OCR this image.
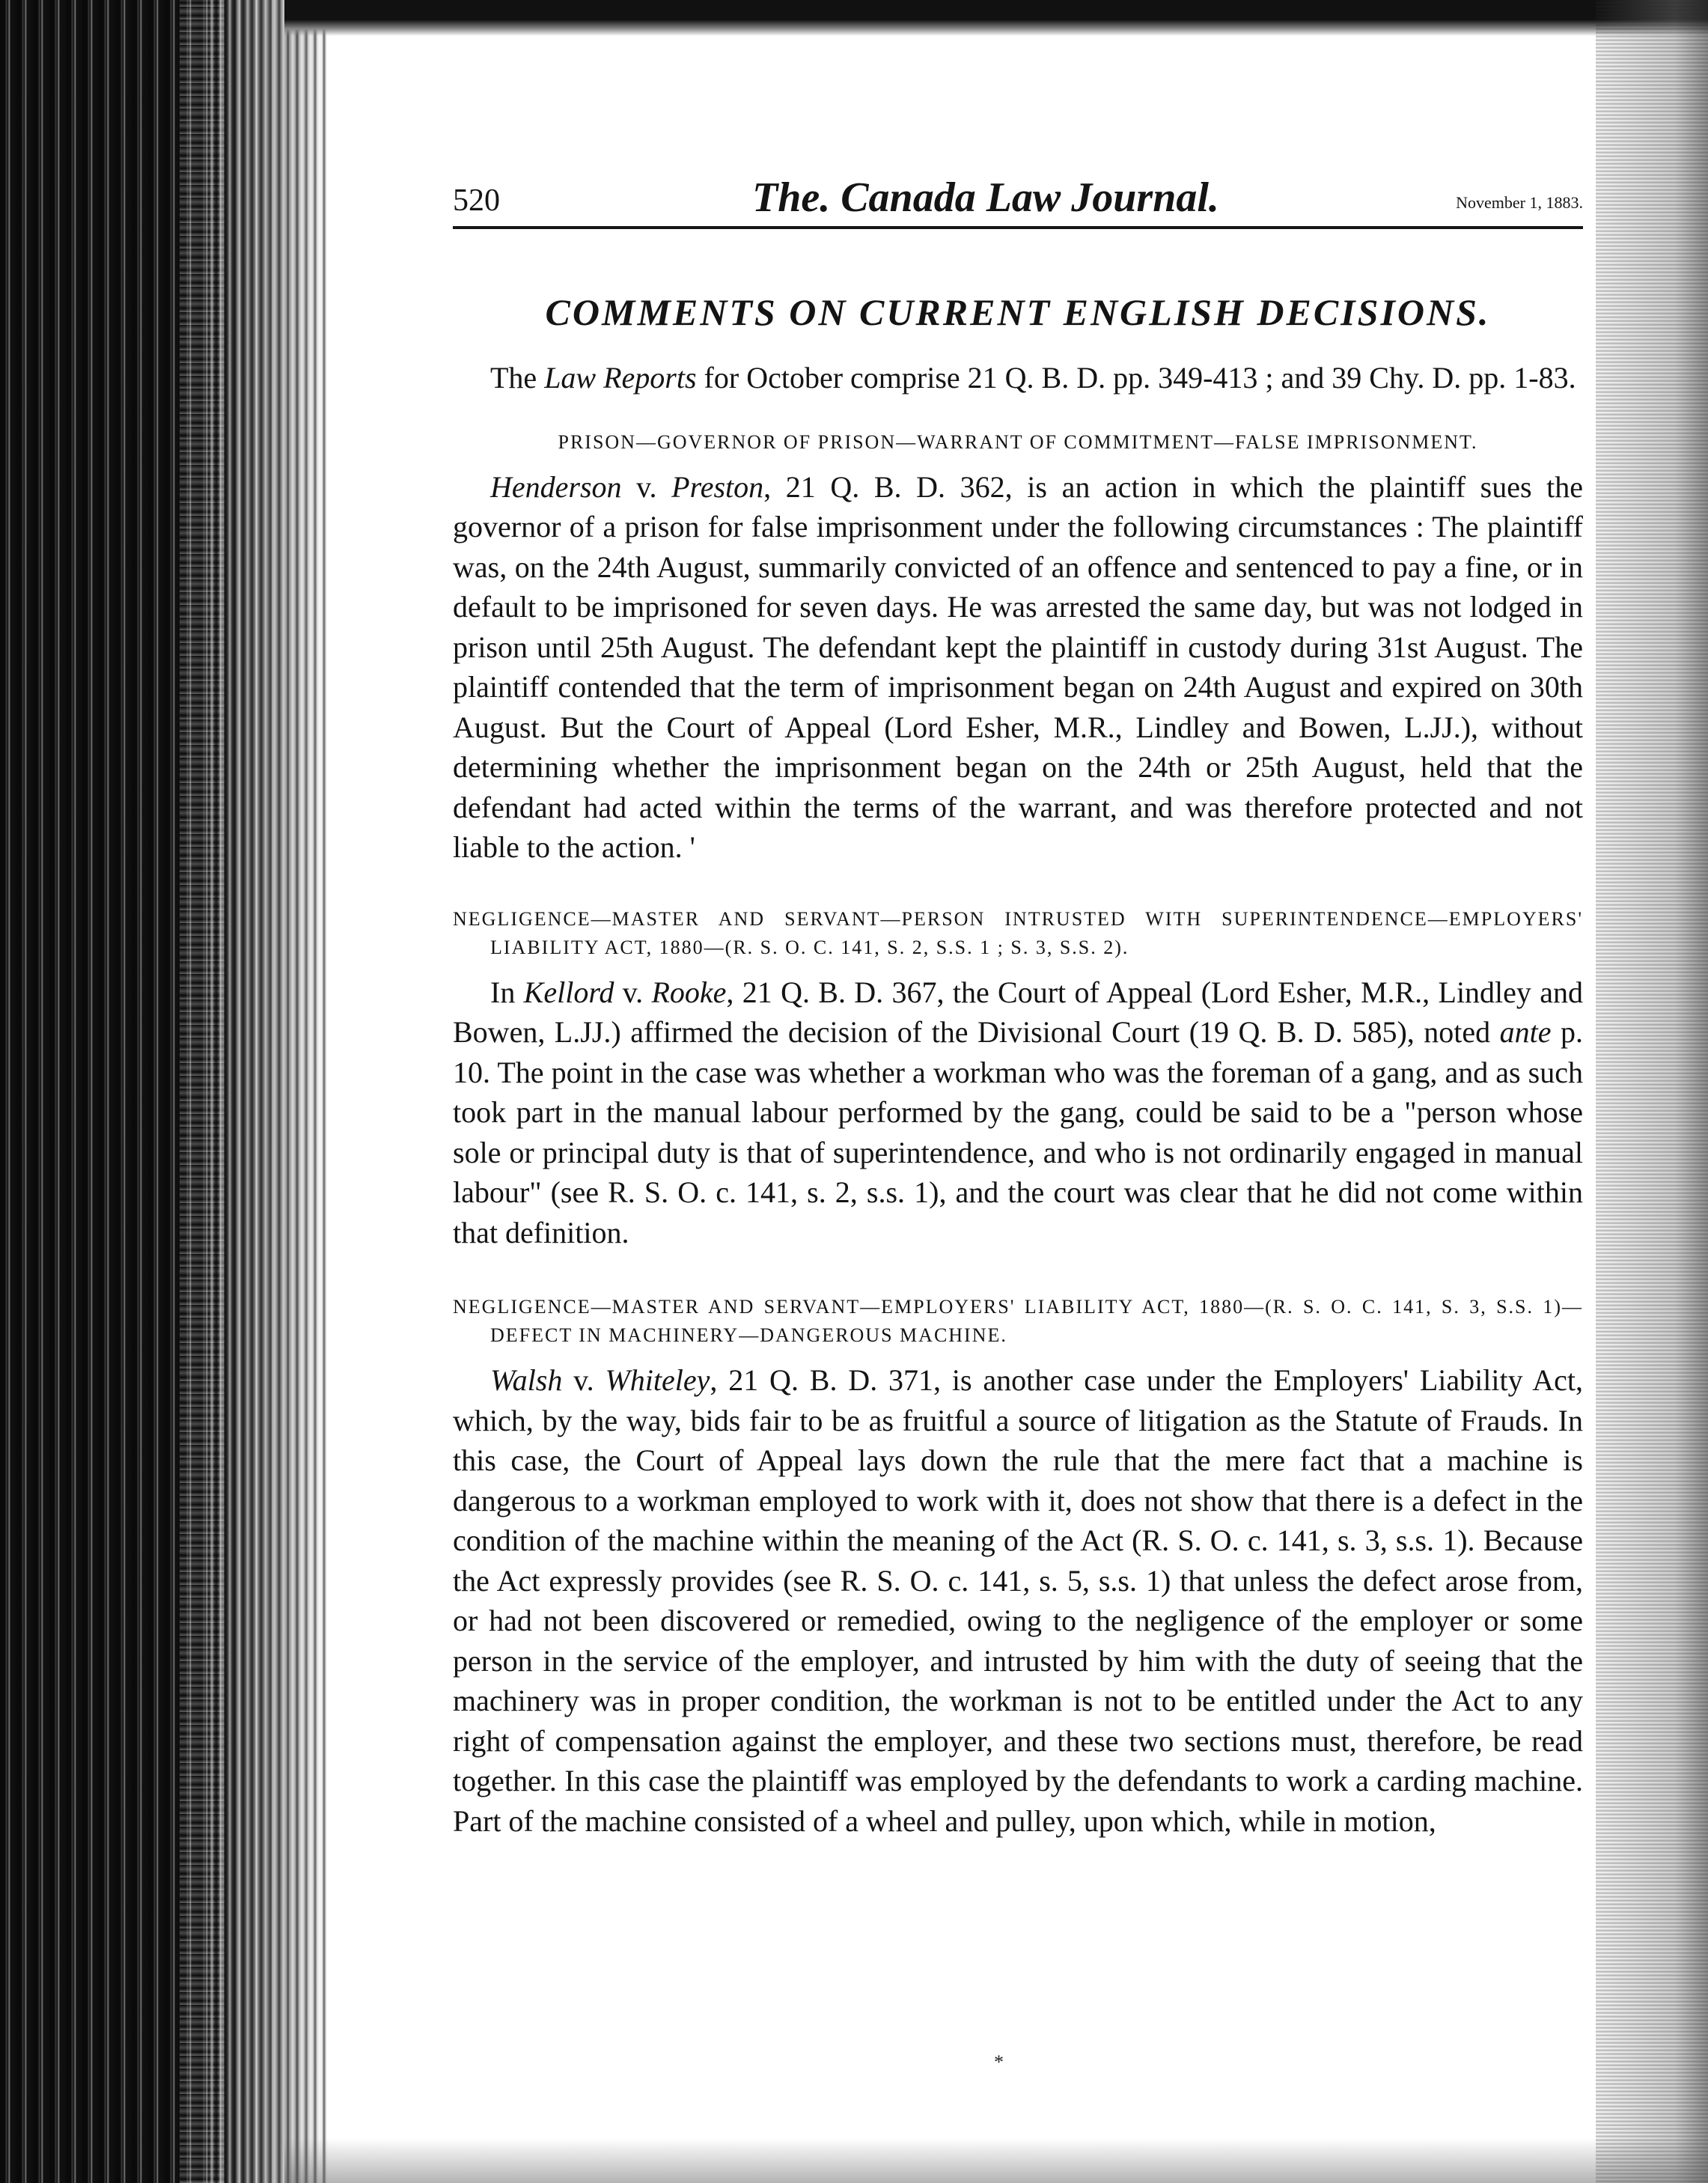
520	The. Canada Law Journal.	November 1, 1883.
COMMENTS ON CURRENT ENGLISH DECISIONS.

The Law Reports for October comprise 21 Q. B. D. pp. 349-413 ; and 39 Chy. D. pp. 1-83.

PRISON—GOVERNOR OF PRISON—WARRANT OF COMMITMENT—FALSE IMPRISONMENT.

Henderson v. Preston, 21 Q. B. D. 362, is an action in which the plaintiff sues the governor of a prison for false imprisonment under the following circumstances : The plaintiff was, on the 24th August, summarily convicted of an offence and sentenced to pay a fine, or in default to be imprisoned for seven days. He was arrested the same day, but was not lodged in prison until 25th August. The defendant kept the plaintiff in custody during 31st August. The plaintiff contended that the term of imprisonment began on 24th August and expired on 30th August. But the Court of Appeal (Lord Esher, M.R., Lindley and Bowen, L.JJ.), without determining whether the imprisonment began on the 24th or 25th August, held that the defendant had acted within the terms of the warrant, and was therefore protected and not liable to the action. '

NEGLIGENCE—MASTER AND SERVANT—PERSON INTRUSTED WITH SUPERINTENDENCE—EMPLOYERS' LIABILITY ACT, 1880—(R. S. O. C. 141, S. 2, S.S. 1 ; S. 3, S.S. 2).

In Kellord v. Rooke, 21 Q. B. D. 367, the Court of Appeal (Lord Esher, M.R., Lindley and Bowen, L.JJ.) affirmed the decision of the Divisional Court (19 Q. B. D. 585), noted ante p. 10. The point in the case was whether a workman who was the foreman of a gang, and as such took part in the manual labour performed by the gang, could be said to be a "person whose sole or principal duty is that of superintendence, and who is not ordinarily engaged in manual labour" (see R. S. O. c. 141, s. 2, s.s. 1), and the court was clear that he did not come within that definition.

NEGLIGENCE—MASTER AND SERVANT—EMPLOYERS' LIABILITY ACT, 1880—(R. S. O. C. 141, S. 3, S.S. 1)—DEFECT IN MACHINERY—DANGEROUS MACHINE.

Walsh v. Whiteley, 21 Q. B. D. 371, is another case under the Employers' Liability Act, which, by the way, bids fair to be as fruitful a source of litigation as the Statute of Frauds. In this case, the Court of Appeal lays down the rule that the mere fact that a machine is dangerous to a workman employed to work with it, does not show that there is a defect in the condition of the machine within the meaning of the Act (R. S. O. c. 141, s. 3, s.s. 1). Because the Act expressly provides (see R. S. O. c. 141, s. 5, s.s. 1) that unless the defect arose from, or had not been discovered or remedied, owing to the negligence of the employer or some person in the service of the employer, and intrusted by him with the duty of seeing that the machinery was in proper condition, the workman is not to be entitled under the Act to any right of compensation against the employer, and these two sections must, therefore, be read together. In this case the plaintiff was employed by the defendants to work a carding machine. Part of the machine consisted of a wheel and pulley, upon which, while in motion,

*
